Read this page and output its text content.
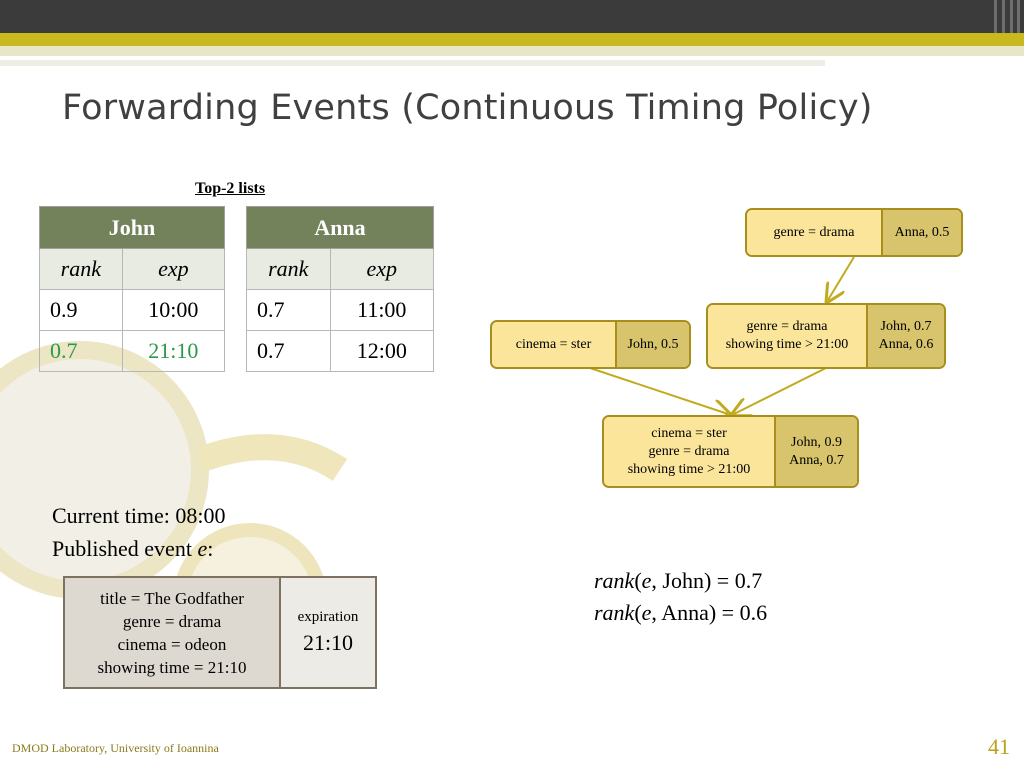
Forwarding Events (Continuous Timing Policy)
Top-2 lists
John	
rank	exp
0.9	10:00
0.7	21:10
Anna	
rank	exp
0.7	11:00
0.7	12:00
genre = drama	Anna, 0.5
cinema = ster	John, 0.5
genre = drama
showing time > 21:00
John, 0.7
Anna, 0.6
cinema = ster
genre = drama
showing time > 21:00
John, 0.9
Anna, 0.7
Current time: 08:00
Published event e:
title = The Godfather
genre = drama
cinema = odeon
showing time = 21:10
expiration
21:10
rank(e, John) = 0.7
rank(e, Anna) = 0.6
DMOD Laboratory, University of Ioannina	41
